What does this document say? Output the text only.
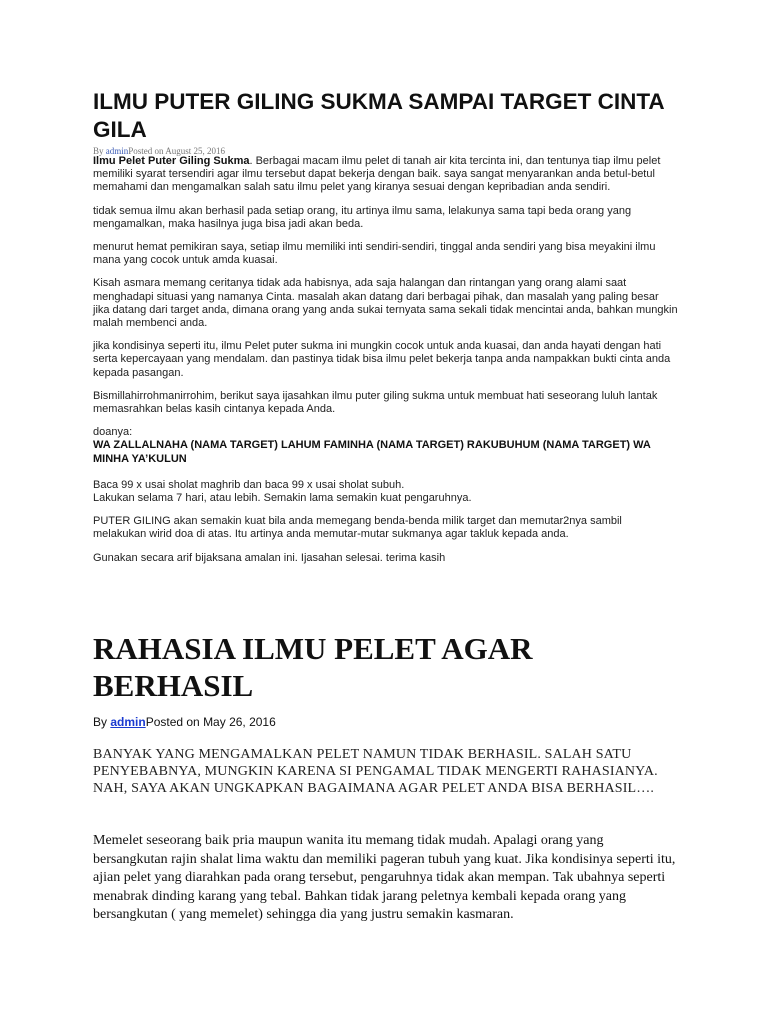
ILMU PUTER GILING SUKMA SAMPAI TARGET CINTA GILA
By adminPosted on August 25, 2016

Ilmu Pelet Puter Giling Sukma. Berbagai macam ilmu pelet di tanah air kita tercinta ini, dan tentunya tiap ilmu pelet memiliki syarat tersendiri agar ilmu tersebut dapat bekerja dengan baik. saya sangat menyarankan anda betul-betul memahami dan mengamalkan salah satu ilmu pelet yang kiranya sesuai dengan kepribadian anda sendiri.

tidak semua ilmu akan berhasil pada setiap orang, itu artinya ilmu sama, lelakunya sama tapi beda orang yang mengamalkan, maka hasilnya juga bisa jadi akan beda.

menurut hemat pemikiran saya, setiap ilmu memiliki inti sendiri-sendiri, tinggal anda sendiri yang bisa meyakini ilmu mana yang cocok untuk amda kuasai.

Kisah asmara memang ceritanya tidak ada habisnya, ada saja halangan dan rintangan yang orang alami saat menghadapi situasi yang namanya Cinta. masalah akan datang dari berbagai pihak, dan masalah yang paling besar jika datang dari target anda, dimana orang yang anda sukai ternyata sama sekali tidak mencintai anda, bahkan mungkin malah membenci anda.

jika kondisinya seperti itu, ilmu Pelet puter sukma ini mungkin cocok untuk anda kuasai, dan anda hayati dengan hati serta kepercayaan yang mendalam. dan pastinya tidak bisa ilmu pelet bekerja tanpa anda nampakkan bukti cinta anda kepada pasangan.

Bismillahirrohmanirrohim, berikut saya ijasahkan ilmu puter giling sukma untuk membuat hati seseorang luluh lantak memasrahkan belas kasih cintanya kepada Anda.

doanya:

WA ZALLALNAHA (NAMA TARGET) LAHUM FAMINHA (NAMA TARGET) RAKUBUHUM (NAMA TARGET) WA MINHA YA’KULUN

Baca 99 x usai sholat maghrib dan baca 99 x usai sholat subuh.

Lakukan selama 7 hari, atau lebih. Semakin lama semakin kuat pengaruhnya.

PUTER GILING akan semakin kuat bila anda memegang benda-benda milik target dan memutar2nya sambil melakukan wirid doa di atas. Itu artinya anda memutar-mutar sukmanya agar takluk kepada anda.

Gunakan secara arif bijaksana amalan ini. Ijasahan selesai. terima kasih

RAHASIA ILMU PELET AGAR BERHASIL
By adminPosted on May 26, 2016

BANYAK YANG MENGAMALKAN PELET NAMUN TIDAK BERHASIL. SALAH SATU PENYEBABNYA, MUNGKIN KARENA SI PENGAMAL TIDAK MENGERTI RAHASIANYA. NAH, SAYA AKAN UNGKAPKAN BAGAIMANA AGAR PELET ANDA BISA BERHASIL….

Memelet seseorang baik pria maupun wanita itu memang tidak mudah. Apalagi orang yang bersangkutan rajin shalat lima waktu dan memiliki pageran tubuh yang kuat. Jika kondisinya seperti itu, ajian pelet yang diarahkan pada orang tersebut, pengaruhnya tidak akan mempan. Tak ubahnya seperti menabrak dinding karang yang tebal. Bahkan tidak jarang peletnya kembali kepada orang yang bersangkutan ( yang memelet) sehingga dia yang justru semakin kasmaran.
